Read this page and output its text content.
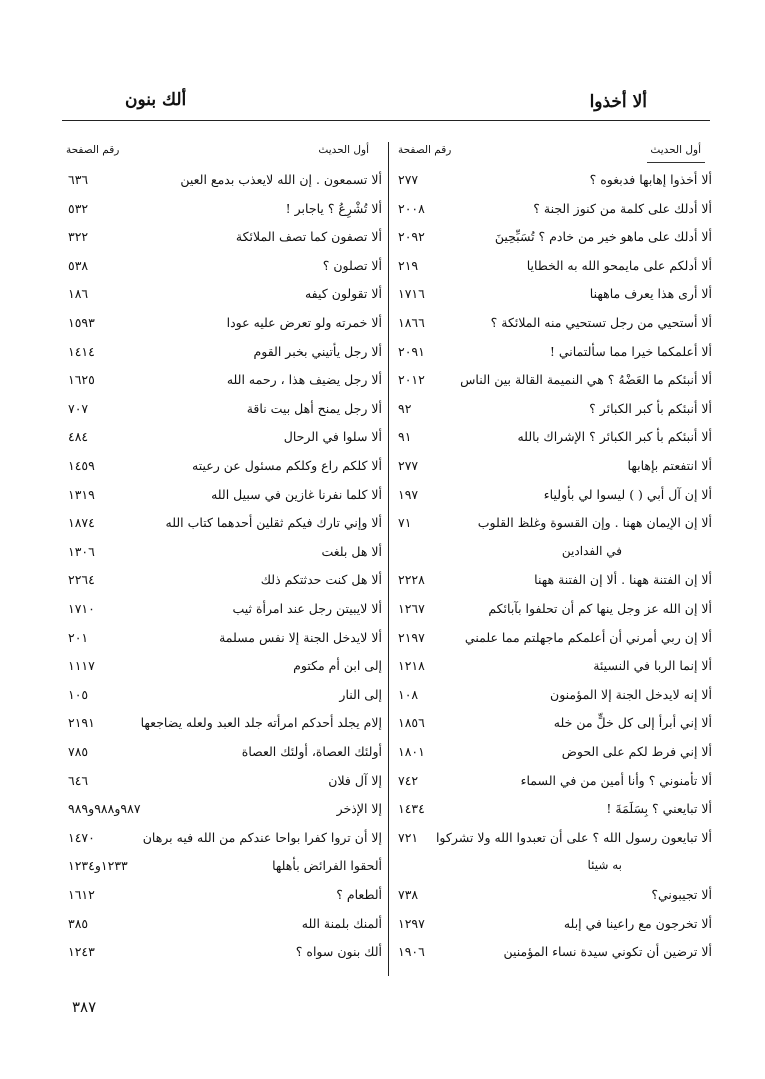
ألا أخذوا
ألك بنون
أول الحديث
رقم الصفحة
أول الحديث
رقم الصفحة
ألا أخذوا إهابها فدبغوه ؟
٢٧٧
ألا أدلك على كلمة من كنوز الجنة ؟
٢٠٠٨
ألا أدلك على ماهو خير من خادم ؟ تُسَبِّحِينَ
٢٠٩٢
ألا أدلكم على مايمحو الله به الخطايا
٢١٩
ألا أرى هذا يعرف ماههنا
١٧١٦
ألا أستحيي من رجل تستحيي منه الملائكة ؟
١٨٦٦
ألا أعلمكما خيرا مما سألتماني !
٢٠٩١
ألا أنبئكم ما العَضْهُ ؟ هي النميمة القالة بين الناس
٢٠١٢
ألا أنبئكم بأ كبر الكبائر ؟
٩٢
ألا أنبئكم بأ كبر الكبائر ؟ الإشراك بالله
٩١
ألا انتفعتم بإهابها
٢٧٧
ألا إن آل أبي ( ) ليسوا لي بأولياء
١٩٧
ألا إن الإيمان ههنا . وإن القسوة وغلظ القلوب
٧١
في الفدادين
ألا إن الفتنة ههنا . ألا إن الفتنة ههنا
٢٢٢٨
ألا إن الله عز وجل ينها كم أن تحلفوا بآبائكم
١٢٦٧
ألا إن ربي أمرني أن أعلمكم ماجهلتم مما علمني
٢١٩٧
ألا إنما الربا في النسيئة
١٢١٨
ألا إنه لايدخل الجنة إلا المؤمنون
١٠٨
ألا إني أبرأ إلى كل خلٍّ من خله
١٨٥٦
ألا إني فرط لكم على الحوض
١٨٠١
ألا تأمنوني ؟ وأنا أمين من في السماء
٧٤٢
ألا تبايعني ؟ بِسَلَمَةَ !
١٤٣٤
ألا تبايعون رسول الله ؟ على أن تعبدوا الله ولا تشركوا
٧٢١
به شيئا
ألا تجيبوني؟
٧٣٨
ألا تخرجون مع راعينا في إبله
١٢٩٧
ألا ترضين أن تكوني سيدة نساء المؤمنين
١٩٠٦
ألا تسمعون . إن الله لايعذب بدمع العين
٦٣٦
ألا تُشْرِعُ ؟ ياجابر !
٥٣٢
ألا تصفون كما تصف الملائكة
٣٢٢
ألا تصلون ؟
٥٣٨
ألا تقولون كيفه
١٨٦
ألا خمرته ولو تعرض عليه عودا
١٥٩٣
ألا رجل يأتيني بخبر القوم
١٤١٤
ألا رجل يضيف هذا ، رحمه الله
١٦٢٥
ألا رجل يمنح أهل بيت ناقة
٧٠٧
ألا سلوا في الرحال
٤٨٤
ألا كلكم راع وكلكم مسئول عن رعيته
١٤٥٩
ألا كلما نفرنا غازين في سبيل الله
١٣١٩
ألا وإني تارك فيكم ثقلين أحدهما كتاب الله
١٨٧٤
ألا هل بلغت
١٣٠٦
ألا هل كنت حدثتكم ذلك
٢٢٦٤
ألا لايبيتن رجل عند امرأة ثيب
١٧١٠
ألا لايدخل الجنة إلا نفس مسلمة
٢٠١
إلى ابن أم مكتوم
١١١٧
إلى النار
١٠٥
إلام يجلد أحدكم امرأته جلد العبد ولعله يضاجعها
٢١٩١
أولئك العصاة، أولئك العصاة
٧٨٥
إلا آل فلان
٦٤٦
إلا الإذخر
٩٨٧و٩٨٨و٩٨٩
إلا أن تروا كفرا بواحا عندكم من الله فيه برهان
١٤٧٠
ألحقوا الفرائض بأهلها
١٢٣٣و١٢٣٤
ألطعام ؟
١٦١٢
ألمنك بلمنة الله
٣٨٥
ألك بنون سواه ؟
١٢٤٣
٣٨٧
